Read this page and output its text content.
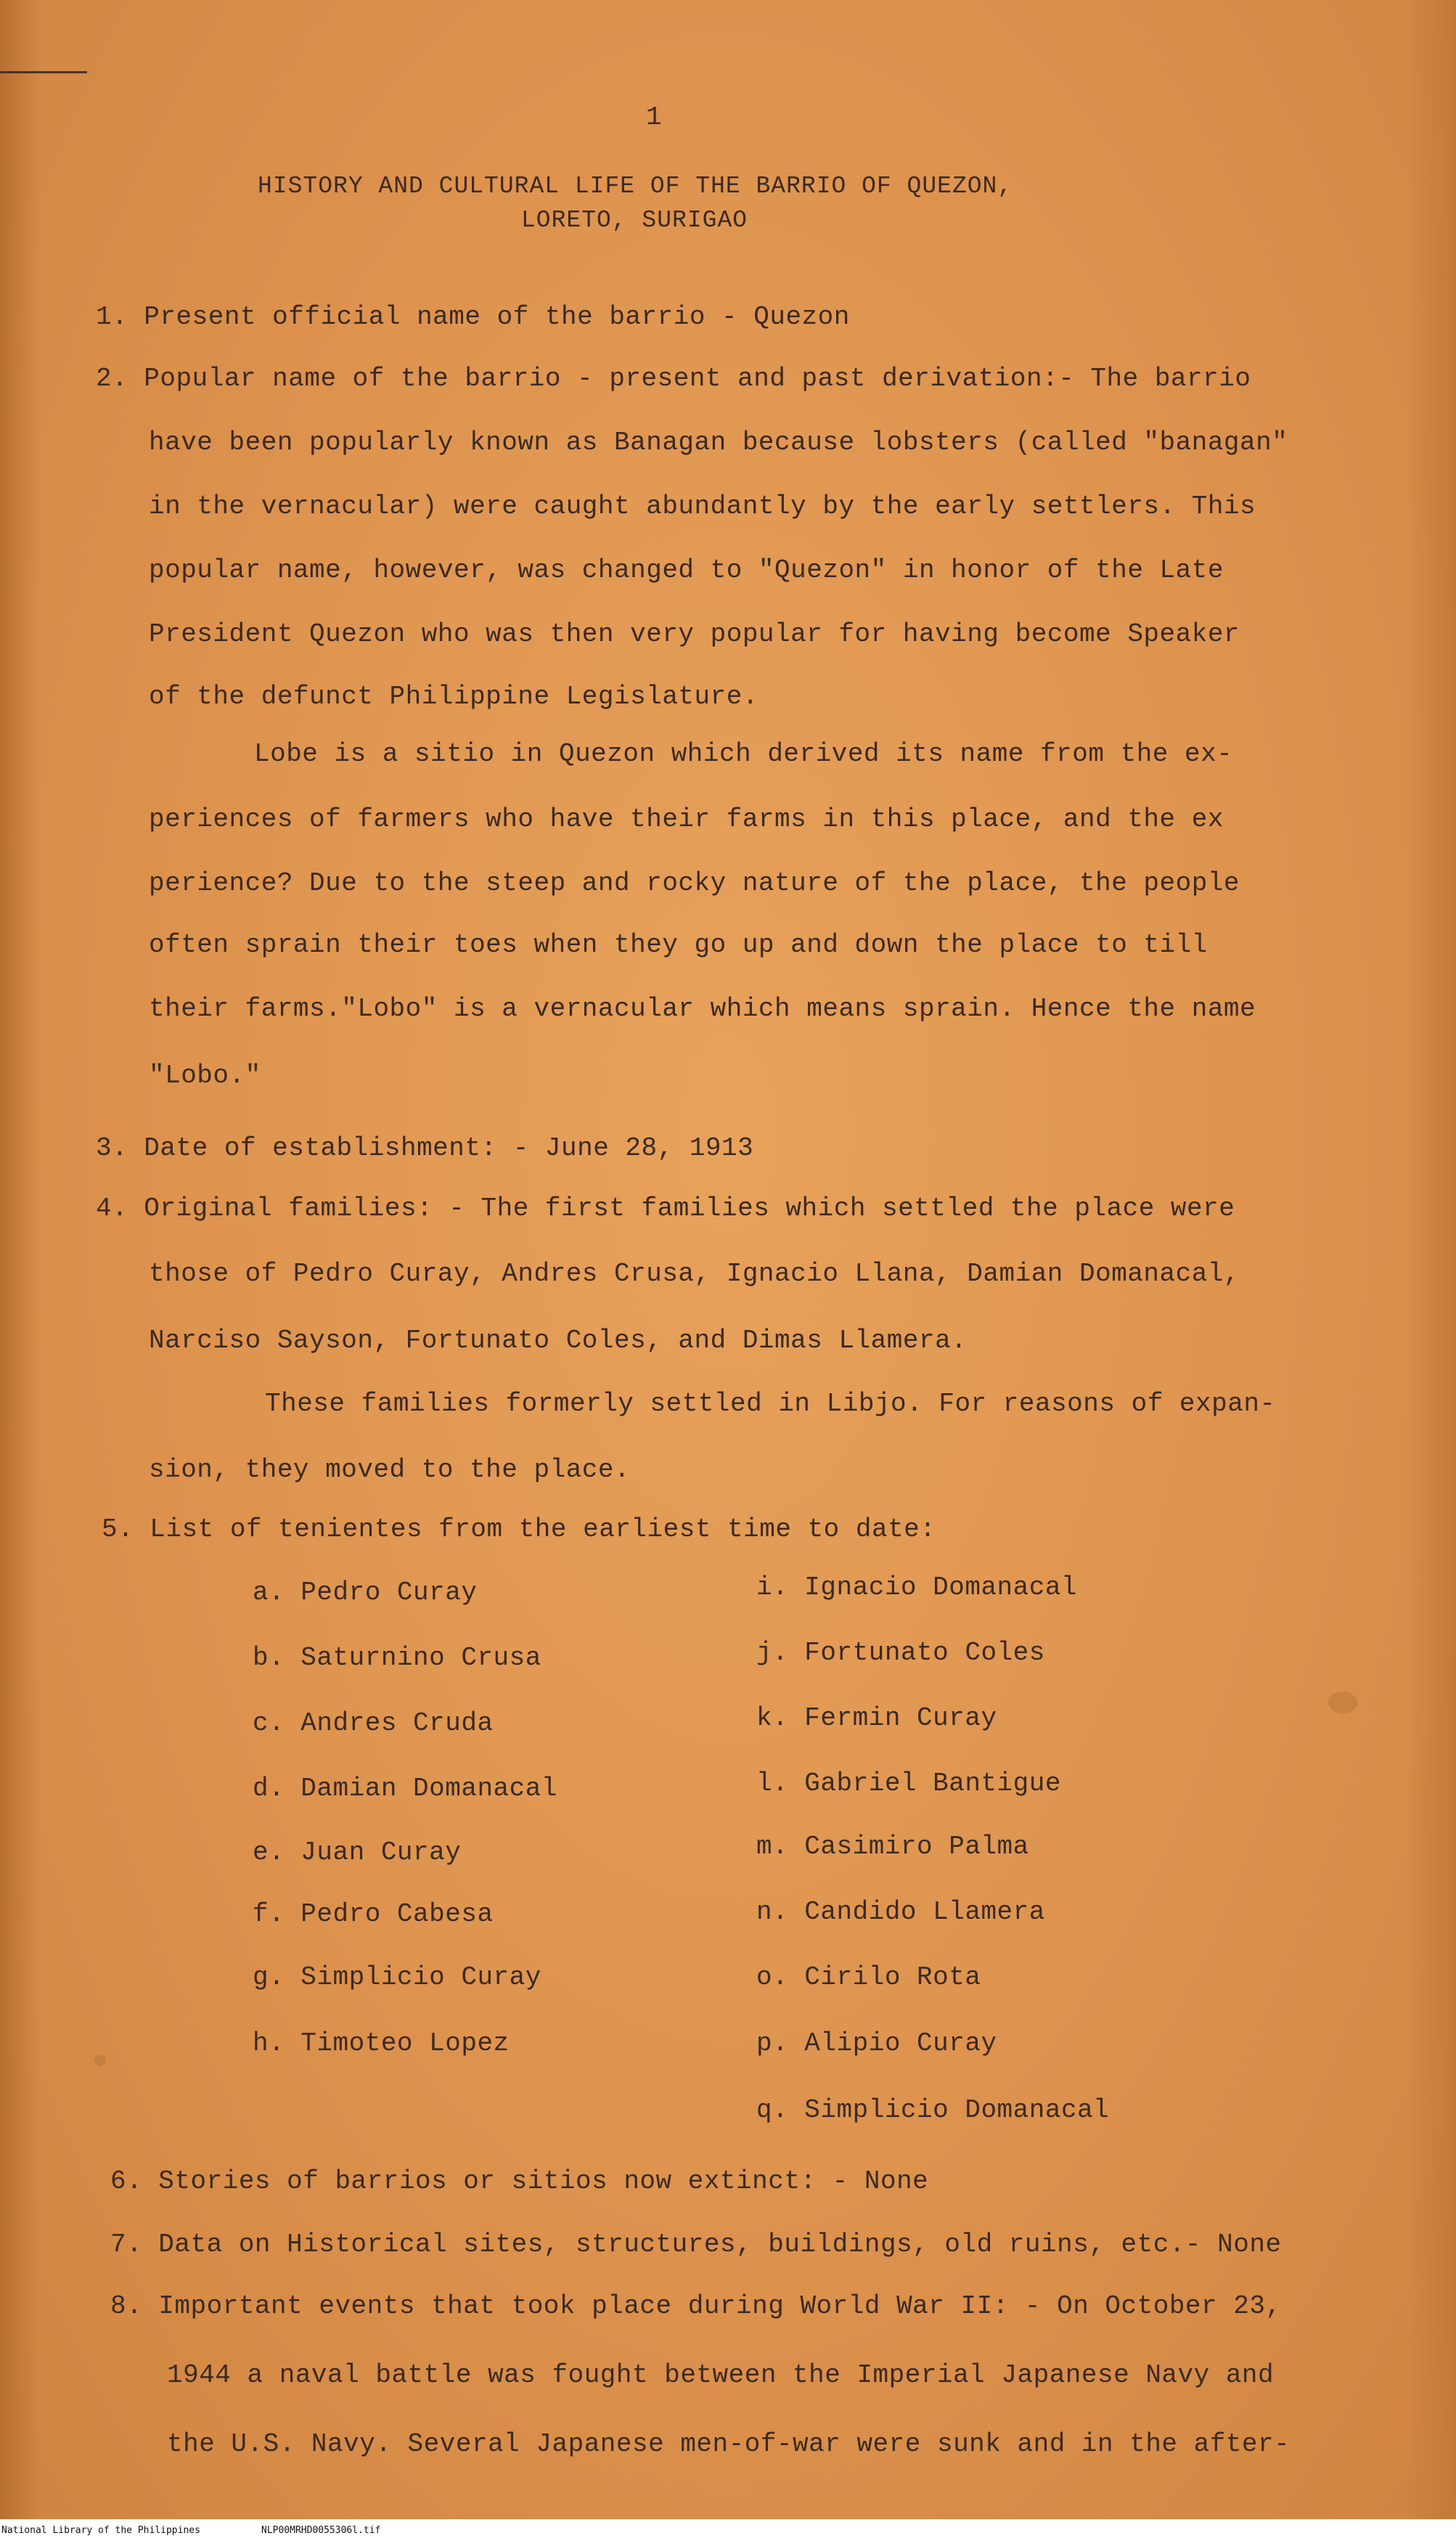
1
HISTORY AND CULTURAL LIFE OF THE BARRIO OF QUEZON,
LORETO, SURIGAO
1. Present official name of the barrio - Quezon
2. Popular name of the barrio - present and past derivation:- The barrio
have been popularly known as Banagan because lobsters (called "banagan"
in the vernacular) were caught abundantly by the early settlers. This
popular name, however, was changed to "Quezon" in honor of the Late
President Quezon who was then very popular for having become Speaker
of the defunct Philippine Legislature.
Lobe is a sitio in Quezon which derived its name from the ex-
periences of farmers who have their farms in this place, and the ex
perience? Due to the steep and rocky nature of the place, the people
often sprain their toes when they go up and down the place to till
their farms."Lobo" is a vernacular which means sprain. Hence the name
"Lobo."
3. Date of establishment: - June 28, 1913
4. Original families: - The first families which settled the place were
those of Pedro Curay, Andres Crusa, Ignacio Llana, Damian Domanacal,
Narciso Sayson, Fortunato Coles, and Dimas Llamera.
These families formerly settled in Libjo. For reasons of expan-
sion, they moved to the place.
5. List of tenientes from the earliest time to date:
a. Pedro Curay
b. Saturnino Crusa
c. Andres Cruda
d. Damian Domanacal
e. Juan Curay
f. Pedro Cabesa
g. Simplicio Curay
h. Timoteo Lopez
i. Ignacio Domanacal
j. Fortunato Coles
k. Fermin Curay
l. Gabriel Bantigue
m. Casimiro Palma
n. Candido Llamera
o. Cirilo Rota
p. Alipio Curay
q. Simplicio Domanacal
6. Stories of barrios or sitios now extinct: - None
7. Data on Historical sites, structures, buildings, old ruins, etc.- None
8. Important events that took place during World War II: - On October 23,
1944 a naval battle was fought between the Imperial Japanese Navy and
the U.S. Navy. Several Japanese men-of-war were sunk and in the after-
National Library of the Philippines	NLP00MRHD0055306l.tif
